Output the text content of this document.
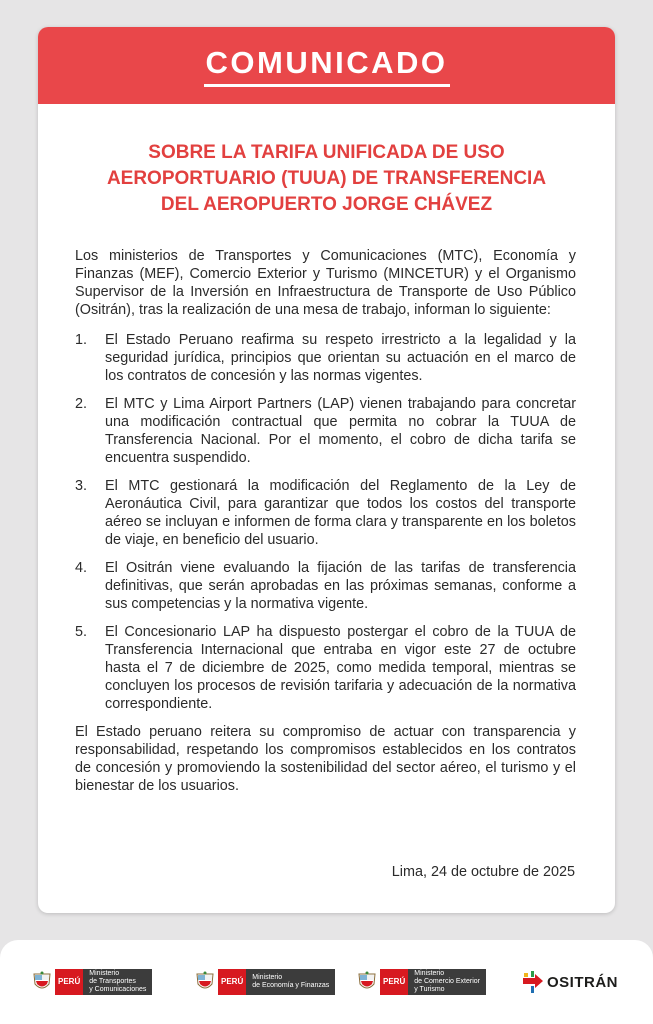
COMUNICADO
SOBRE LA TARIFA UNIFICADA DE USO
AEROPORTUARIO (TUUA) DE TRANSFERENCIA
DEL AEROPUERTO JORGE CHÁVEZ

Los ministerios de Transportes y Comunicaciones (MTC), Economía y Finanzas (MEF), Comercio Exterior y Turismo (MINCETUR) y el Organismo Supervisor de la Inversión en Infraestructura de Transporte de Uso Público (Ositrán), tras la realización de una mesa de trabajo, informan lo siguiente:

1.	El Estado Peruano reafirma su respeto irrestricto a la legalidad y la seguridad jurídica, principios que orientan su actuación en el marco de los contratos de concesión y las normas vigentes.
2.	El MTC y Lima Airport Partners (LAP) vienen trabajando para concretar una modificación contractual que permita no cobrar la TUUA de Transferencia Nacional. Por el momento, el cobro de dicha tarifa se encuentra suspendido.
3.	El MTC gestionará la modificación del Reglamento de la Ley de Aeronáutica Civil, para garantizar que todos los costos del transporte aéreo se incluyan e informen de forma clara y transparente en los boletos de viaje, en beneficio del usuario.
4.	El Ositrán viene evaluando la fijación de las tarifas de transferencia definitivas, que serán aprobadas en las próximas semanas, conforme a sus competencias y la normativa vigente.
5.	El Concesionario LAP ha dispuesto postergar el cobro de la TUUA de Transferencia Internacional que entraba en vigor este 27 de octubre hasta el 7 de diciembre de 2025, como medida temporal, mientras se concluyen los procesos de revisión tarifaria y adecuación de la normativa correspondiente.

El Estado peruano reitera su compromiso de actuar con transparencia y responsabilidad, respetando los compromisos establecidos en los contratos de concesión y promoviendo la sostenibilidad del sector aéreo, el turismo y el bienestar de los usuarios.

Lima, 24 de octubre de 2025
PERÚ
Ministerio
de Transportes
y Comunicaciones
PERÚ	Ministerio
de Economía y Finanzas	PERÚ
Ministerio
de Comercio Exterior
y Turismo	OSITRÁN
